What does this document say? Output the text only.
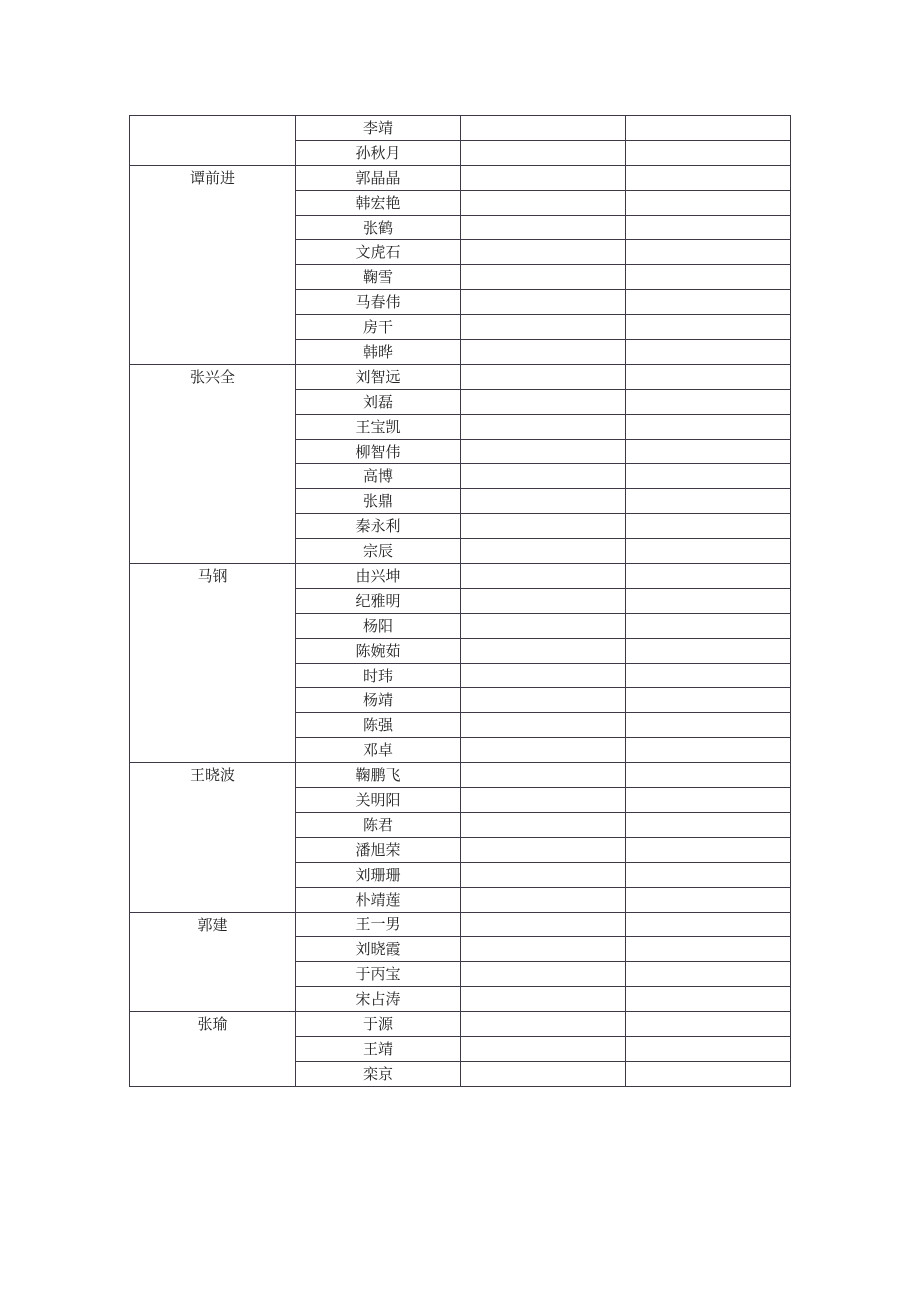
	李靖		
	孙秋月		
谭前进	郭晶晶		
	韩宏艳		
	张鹤		
	文虎石		
	鞠雪		
	马春伟		
	房干		
	韩晔		
张兴全	刘智远		
	刘磊		
	王宝凯		
	柳智伟		
	高博		
	张鼎		
	秦永利		
	宗辰		
马钢	由兴坤		
	纪雅明		
	杨阳		
	陈婉茹		
	时玮		
	杨靖		
	陈强		
	邓卓		
王晓波	鞠鹏飞		
	关明阳		
	陈君		
	潘旭荣		
	刘珊珊		
	朴靖莲		
郭建	王一男		
	刘晓霞		
	于丙宝		
	宋占涛		
张瑜	于源		
	王靖		
	栾京		
